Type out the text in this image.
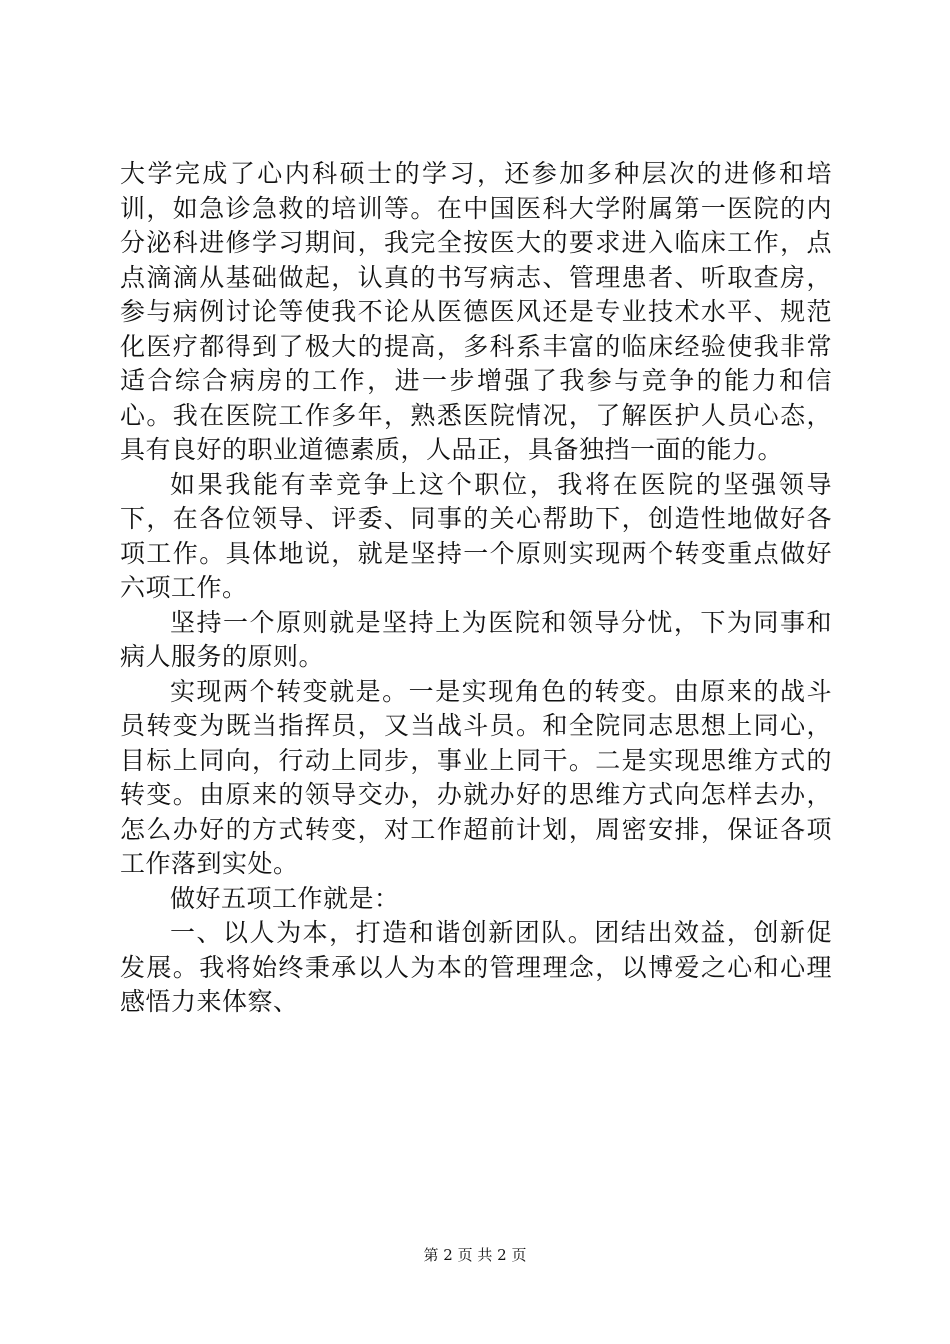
大学完成了心内科硕士的学习，还参加多种层次的进修和培训，如急诊急救的培训等。在中国医科大学附属第一医院的内分泌科进修学习期间，我完全按医大的要求进入临床工作，点点滴滴从基础做起，认真的书写病志、管理患者、听取查房，参与病例讨论等使我不论从医德医风还是专业技术水平、规范化医疗都得到了极大的提高，多科系丰富的临床经验使我非常适合综合病房的工作，进一步增强了我参与竞争的能力和信心。我在医院工作多年，熟悉医院情况，了解医护人员心态，具有良好的职业道德素质，人品正，具备独挡一面的能力。

如果我能有幸竞争上这个职位，我将在医院的坚强领导下，在各位领导、评委、同事的关心帮助下，创造性地做好各项工作。具体地说，就是坚持一个原则实现两个转变重点做好六项工作。

坚持一个原则就是坚持上为医院和领导分忧，下为同事和病人服务的原则。

实现两个转变就是。一是实现角色的转变。由原来的战斗员转变为既当指挥员，又当战斗员。和全院同志思想上同心，目标上同向，行动上同步，事业上同干。二是实现思维方式的转变。由原来的领导交办，办就办好的思维方式向怎样去办，怎么办好的方式转变，对工作超前计划，周密安排，保证各项工作落到实处。

做好五项工作就是：

一、以人为本，打造和谐创新团队。团结出效益，创新促发展。我将始终秉承以人为本的管理理念，以博爱之心和心理感悟力来体察、

第 2 页 共 2 页
